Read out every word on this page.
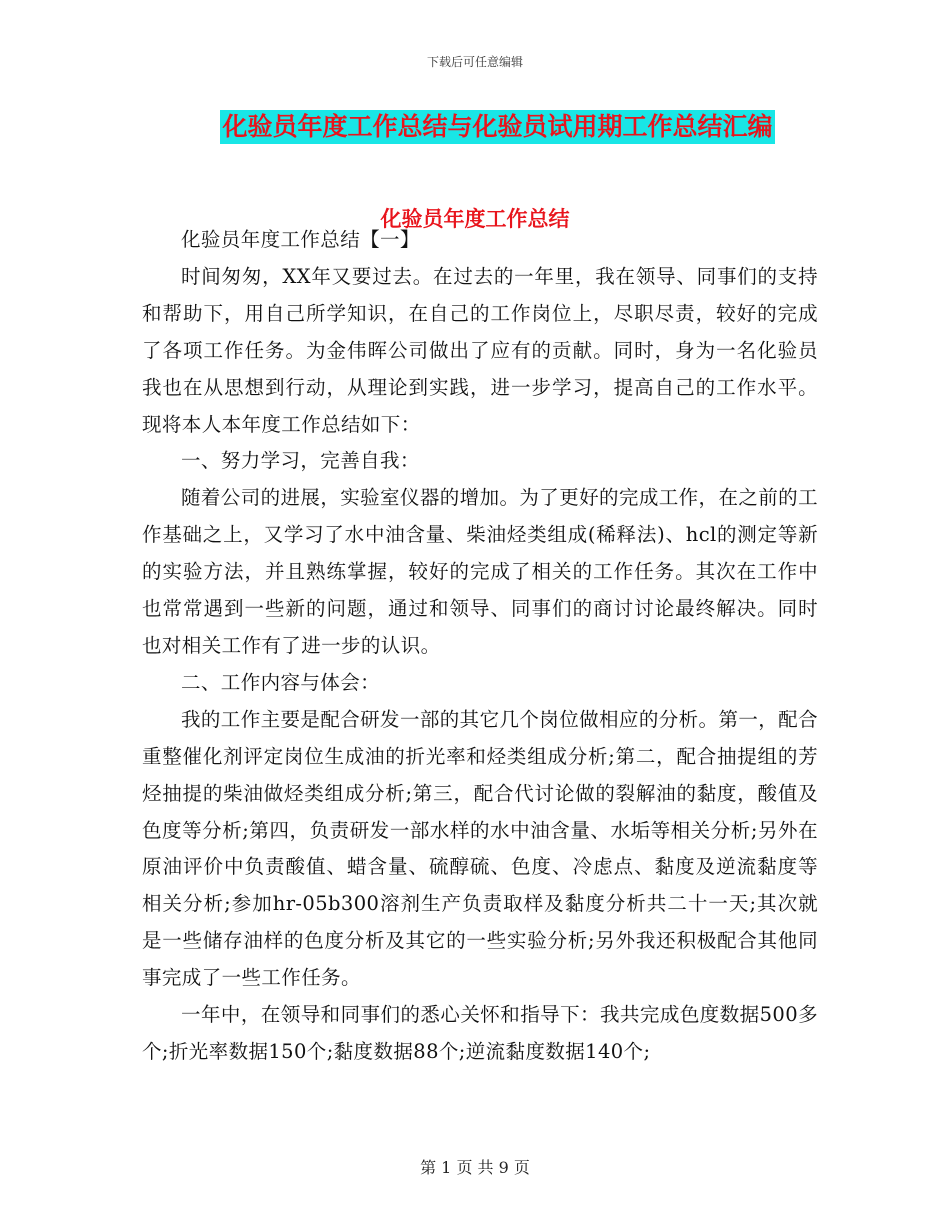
下载后可任意编辑
化验员年度工作总结与化验员试用期工作总结汇编
化验员年度工作总结

化验员年度工作总结【一】

时间匆匆，XX年又要过去。在过去的一年里，我在领导、同事们的支持和帮助下，用自己所学知识，在自己的工作岗位上，尽职尽责，较好的完成了各项工作任务。为金伟晖公司做出了应有的贡献。同时，身为一名化验员我也在从思想到行动，从理论到实践，进一步学习，提高自己的工作水平。现将本人本年度工作总结如下：

一、努力学习，完善自我：

随着公司的进展，实验室仪器的增加。为了更好的完成工作，在之前的工作基础之上，又学习了水中油含量、柴油烃类组成(稀释法)、hcl的测定等新的实验方法，并且熟练掌握，较好的完成了相关的工作任务。其次在工作中也常常遇到一些新的问题，通过和领导、同事们的商讨讨论最终解决。同时也对相关工作有了进一步的认识。

二、工作内容与体会：

我的工作主要是配合研发一部的其它几个岗位做相应的分析。第一，配合重整催化剂评定岗位生成油的折光率和烃类组成分析;第二，配合抽提组的芳烃抽提的柴油做烃类组成分析;第三，配合代讨论做的裂解油的黏度，酸值及色度等分析;第四，负责研发一部水样的水中油含量、水垢等相关分析;另外在原油评价中负责酸值、蜡含量、硫醇硫、色度、冷虑点、黏度及逆流黏度等相关分析;参加hr-05b300溶剂生产负责取样及黏度分析共二十一天;其次就是一些储存油样的色度分析及其它的一些实验分析;另外我还积极配合其他同事完成了一些工作任务。

一年中，在领导和同事们的悉心关怀和指导下：我共完成色度数据500多个;折光率数据150个;黏度数据88个;逆流黏度数据140个;

第 1 页 共 9 页
